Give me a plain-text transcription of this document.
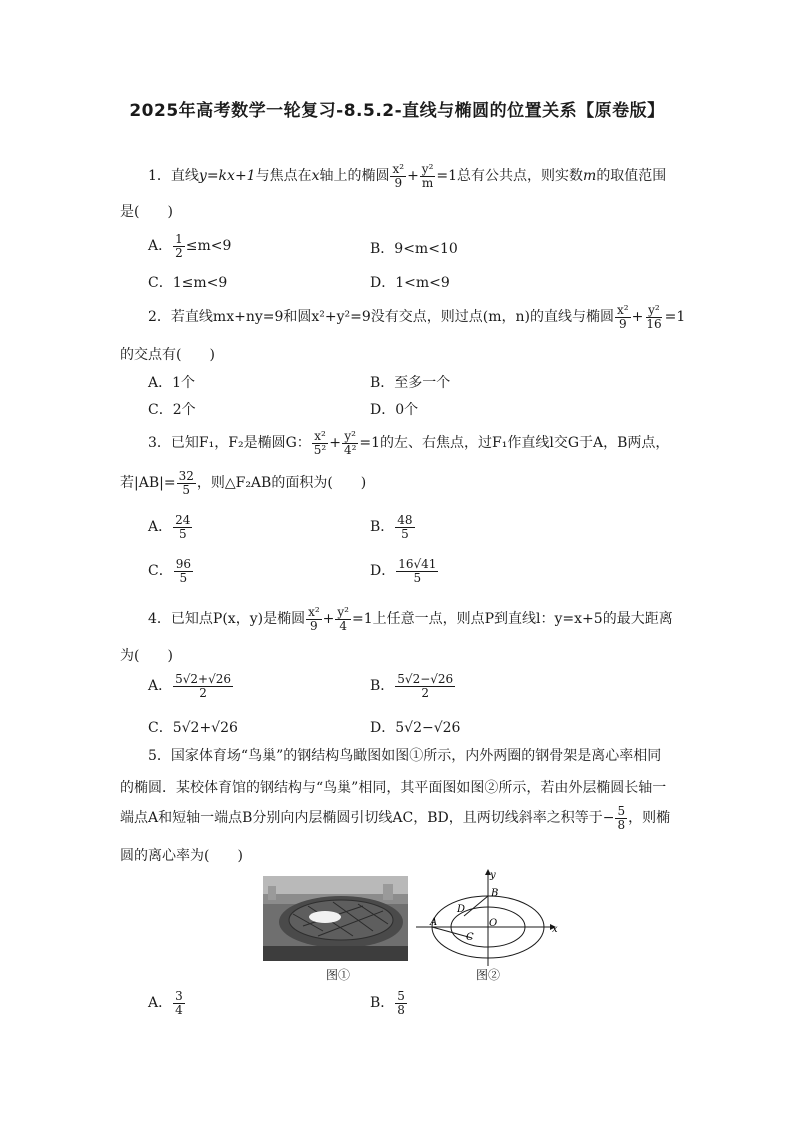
2025年高考数学一轮复习-8.5.2-直线与椭圆的位置关系【原卷版】
1．直线y=kx+1与焦点在x轴上的椭圆 $\frac{\text{x²}}{9} + \frac{\text{y²}}{m} =1$总有公共点，则实数m的取值范围
是(　　)
A． $\frac{1}{2} \le m<9$	B．9<m<10
C．1≤m<9	D．1<m<9
2．若直线mx+ny=9和圆x²+y²=9没有交点，则过点(m，n)的直线与椭圆 $\frac{\text{x²}}{9} + \frac{\text{y²}}{16} =1$
的交点有(　　)
A．1个	B．至多一个
C．2个	D．0个
3．已知F₁，F₂是椭圆G： $\frac{\text{x²}}{\text{5²}} + \frac{\text{y²}}{\text{4²}} =1$的左、右焦点，过F₁作直线l交G于A，B两点，
若$|AB|= \frac{32}{5}$ ，则△F₂AB的面积为(　　)
A． $\frac{24}{5}$	B． $\frac{48}{5}$
C． $\frac{96}{5}$	D． $\frac{16√41}{5}$
4．已知点P(x，y)是椭圆 $\frac{\text{x²}}{9} + \frac{\text{y²}}{4} =1$上任意一点，则点P到直线l：y=x+5的最大距离
为(　　)
A． $\frac{5√2+√26}{2}$	B． $\frac{5√2-√26}{2}$
C．5√2+√26	D．5√2−√26
5．国家体育场“鸟巢”的钢结构鸟瞰图如图①所示，内外两圈的钢骨架是离心率相同
的椭圆．某校体育馆的钢结构与“鸟巢”相同，其平面图如图②所示，若由外层椭圆长轴一
端点A和短轴一端点B分别向内层椭圆引切线AC，BD，且两切线斜率之积等于− $\frac{5}{8}$ ，则椭
圆的离心率为(　　)
图①
y
B
D
A	O
C
x
图②
A． $\frac{3}{4}$	B． $\frac{5}{8}$
